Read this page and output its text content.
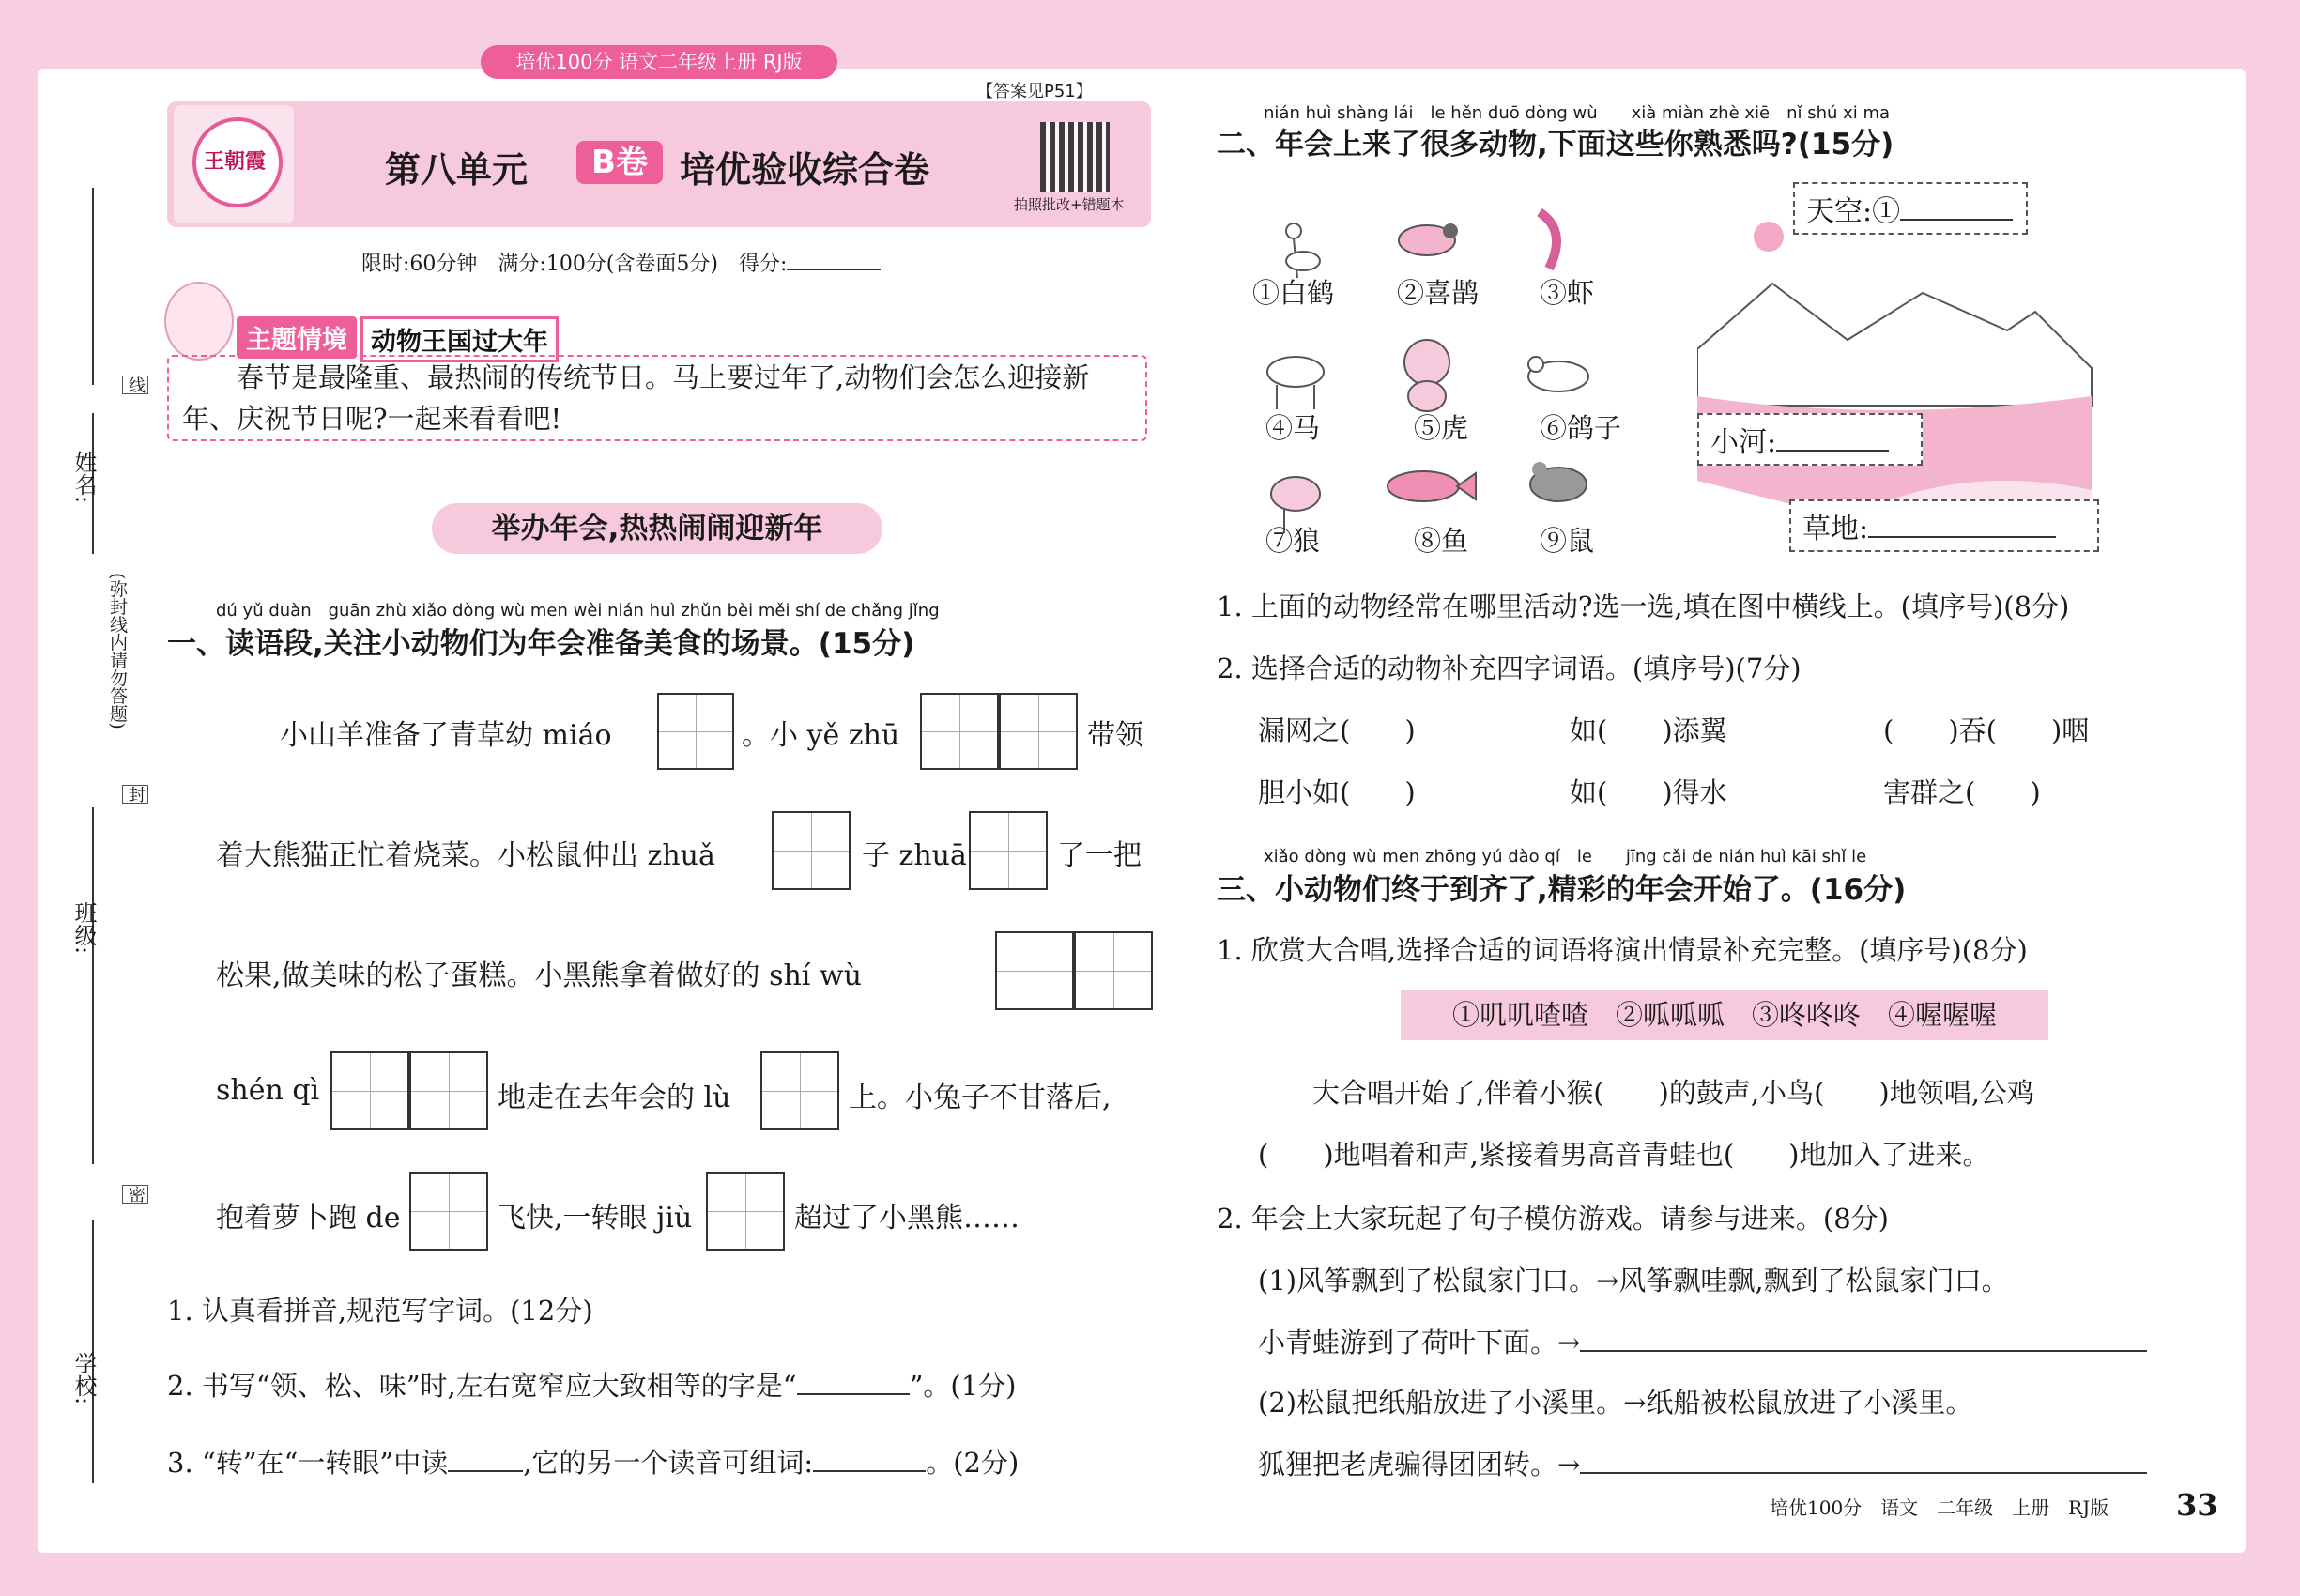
培优100分 语文二年级上册 RJ版
【答案见P51】
王朝霞	第八单元	B卷 培优验收综合卷
拍照批改+错题本
限时:60分钟　满分:100分(含卷面5分)　得分:
姓名:
班级:
学校:
(弥封线内请勿答题)
线
封
密
主题情境 动物王国过大年
　　春节是最隆重、最热闹的传统节日。马上要过年了,动物们会怎么迎接新年、庆祝节日呢?一起来看看吧!
举办年会,热热闹闹迎新年
dú yǔ duàn　guān zhù xiǎo dòng wù men wèi nián huì zhǔn bèi měi shí de chǎng jǐng
一、读语段,关注小动物们为年会准备美食的场景。(15分)
小山羊准备了青草幼 miáo	。小 yě zhū	带领
着大熊猫正忙着烧菜。小松鼠伸出 zhuǎ	子 zhuā	了一把
松果,做美味的松子蛋糕。小黑熊拿着做好的 shí wù
shén qì	地走在去年会的 lù	上。小兔子不甘落后,
抱着萝卜跑 de	飞快,一转眼 jiù	超过了小黑熊……
1. 认真看拼音,规范写字词。(12分)
2. 书写“领、松、味”时,左右宽窄应大致相等的字是“	”。(1分)
3. “转”在“一转眼”中读	,它的另一个读音可组词:	。(2分)
nián huì shàng lái　le hěn duō dòng wù　　xià miàn zhè xiē　nǐ shú xi ma
二、年会上来了很多动物,下面这些你熟悉吗?(15分)
①白鹤 ②喜鹊 ③虾
④马	⑤虎	⑥鸽子
⑦狼	⑧鱼	⑨鼠
天空:①
小河:
草地:
1. 上面的动物经常在哪里活动?选一选,填在图中横线上。(填序号)(8分)
2. 选择合适的动物补充四字词语。(填序号)(7分)
漏网之(　　)	如(　　)添翼	(　　)吞(　　)咽
胆小如(　　)	如(　　)得水	害群之(　　)
xiǎo dòng wù men zhōng yú dào qí　le　　jīng cǎi de nián huì kāi shǐ le
三、小动物们终于到齐了,精彩的年会开始了。(16分)
1. 欣赏大合唱,选择合适的词语将演出情景补充完整。(填序号)(8分)
①叽叽喳喳　②呱呱呱　③咚咚咚　④喔喔喔
　　大合唱开始了,伴着小猴(　　)的鼓声,小鸟(　　)地领唱,公鸡
(　　)地唱着和声,紧接着男高音青蛙也(　　)地加入了进来。
2. 年会上大家玩起了句子模仿游戏。请参与进来。(8分)
(1)风筝飘到了松鼠家门口。→风筝飘哇飘,飘到了松鼠家门口。
小青蛙游到了荷叶下面。→
(2)松鼠把纸船放进了小溪里。→纸船被松鼠放进了小溪里。
狐狸把老虎骗得团团转。→
培优100分　语文　二年级　上册　RJ版 33
